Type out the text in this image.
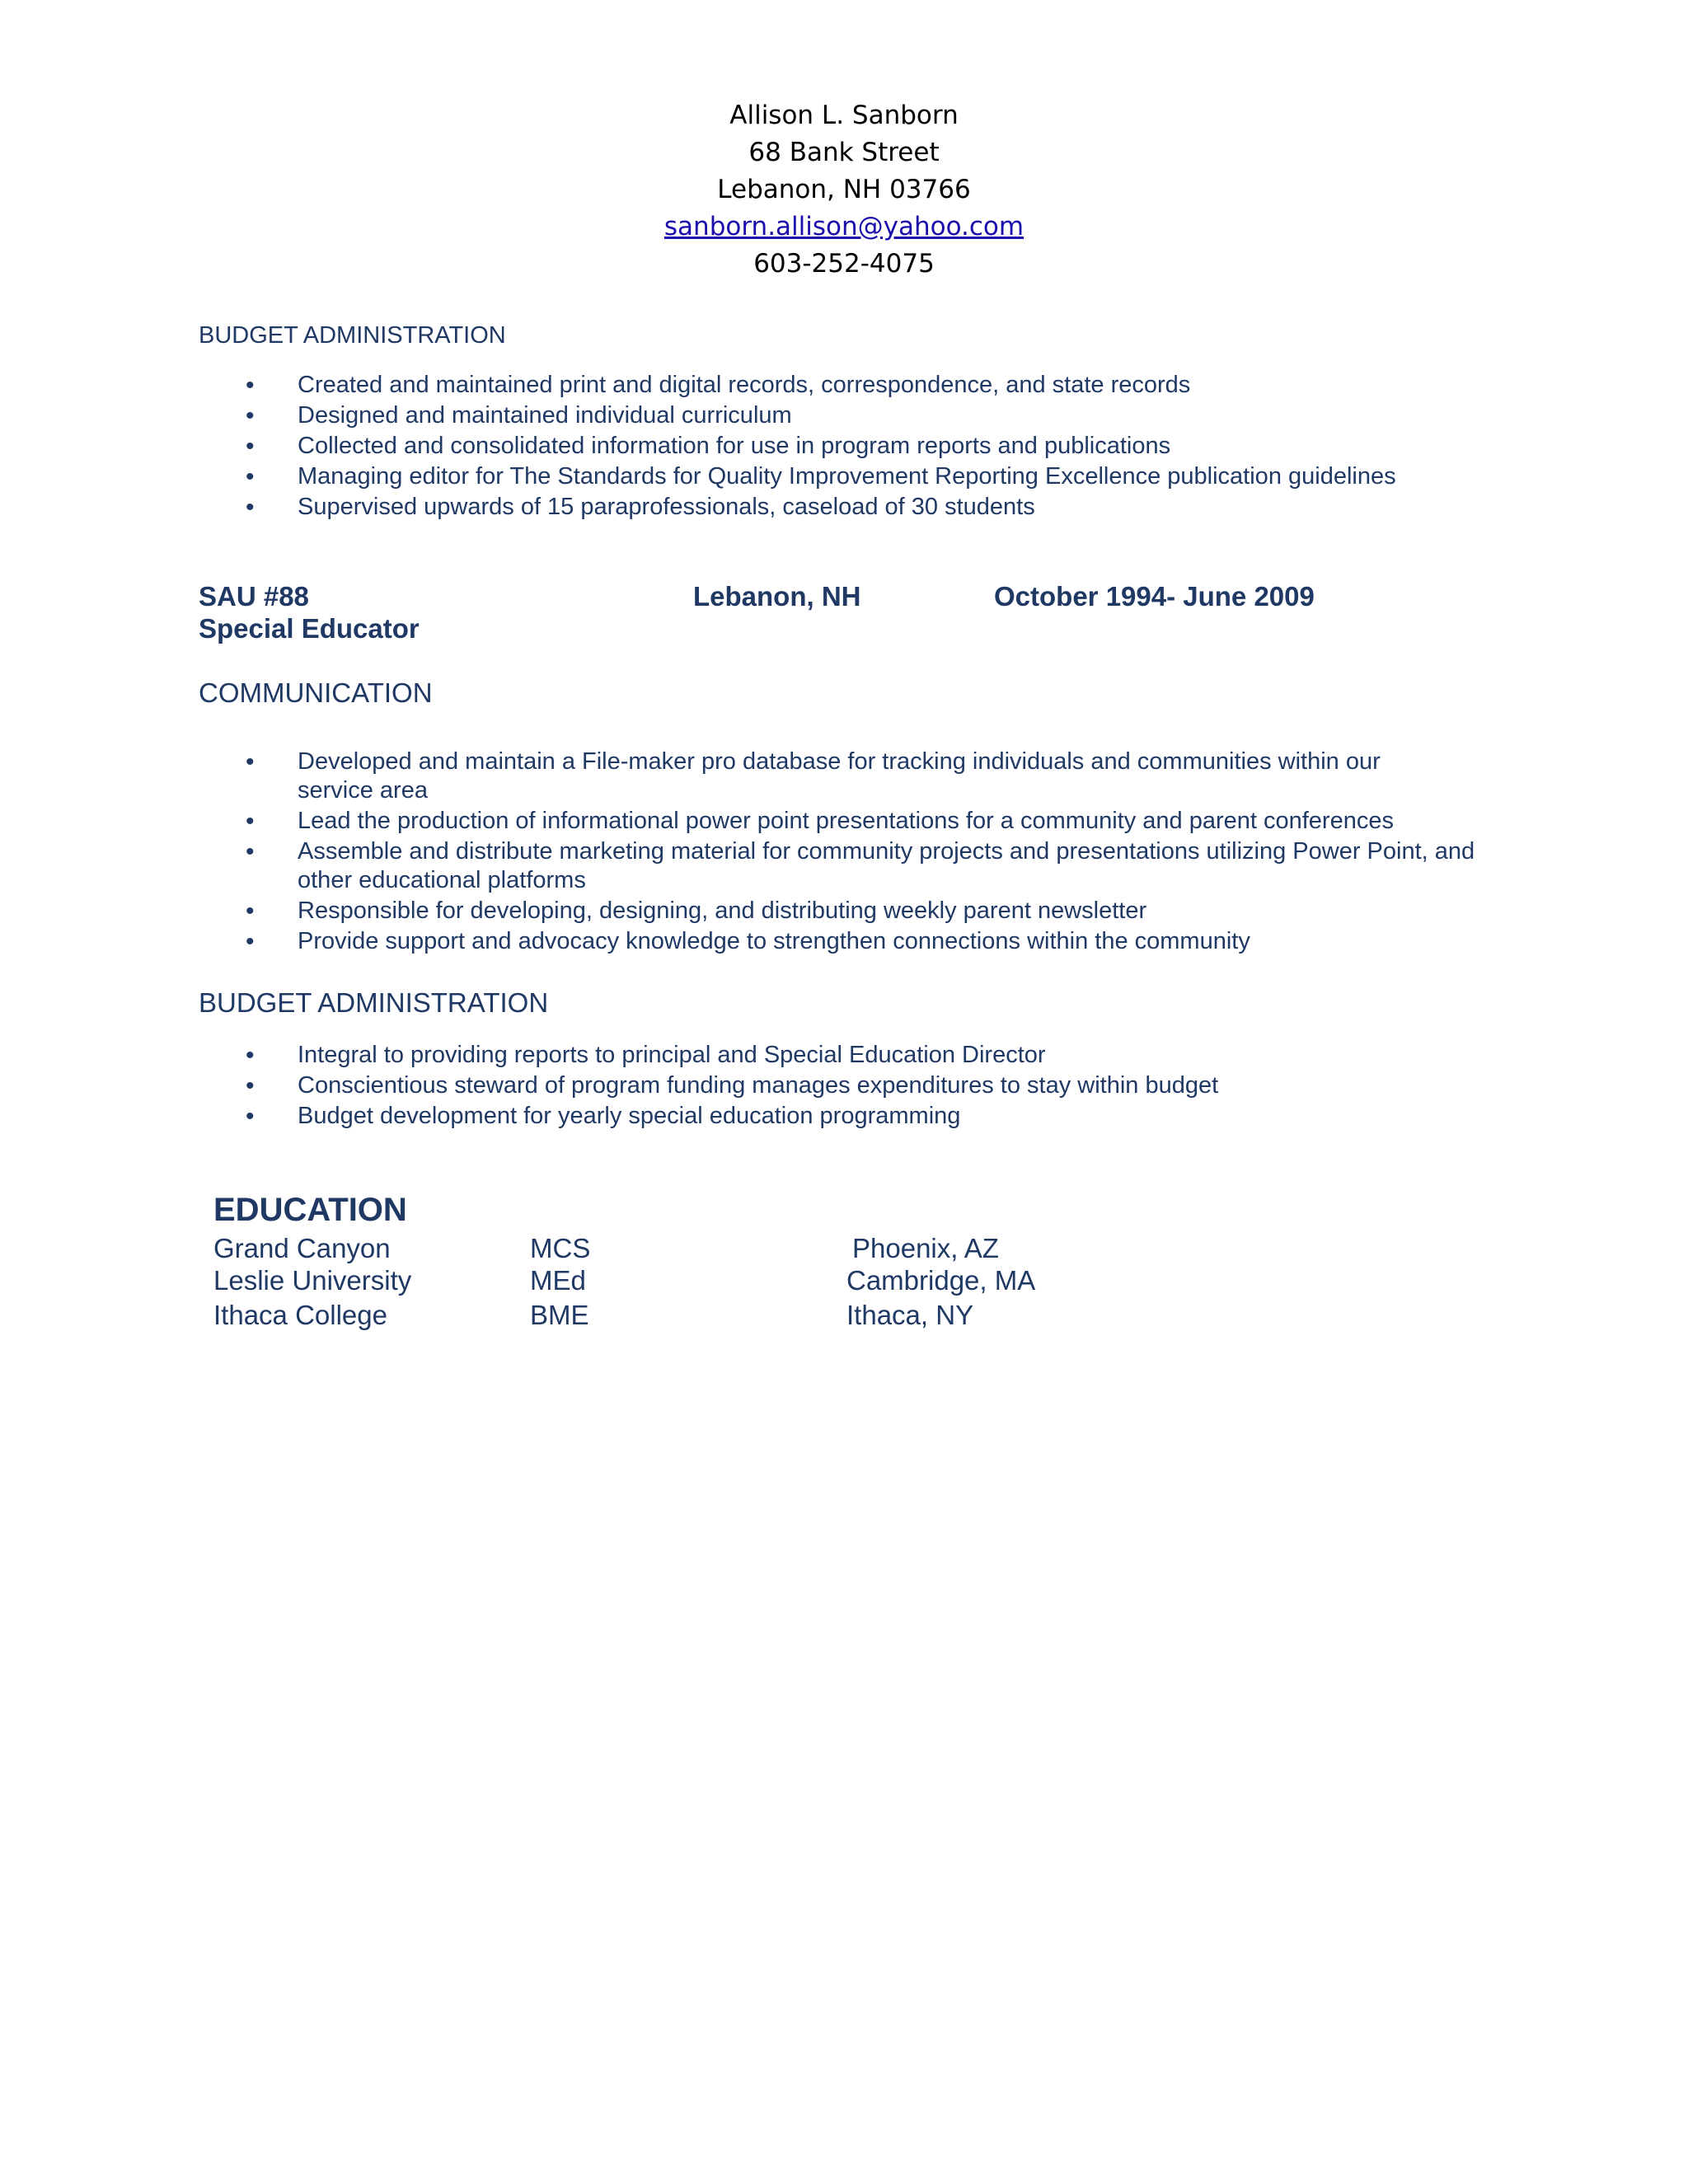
Allison L. Sanborn
68 Bank Street
Lebanon, NH 03766
sanborn.allison@yahoo.com
603-252-4075
BUDGET ADMINISTRATION
• Created and maintained print and digital records, correspondence, and state records
• Designed and maintained individual curriculum
• Collected and consolidated information for use in program reports and publications
• Managing editor for The Standards for Quality Improvement Reporting Excellence publication guidelines
• Supervised upwards of 15 paraprofessionals, caseload of 30 students
SAU #88	Lebanon, NH	October 1994- June 2009
Special Educator
COMMUNICATION
• Developed and maintain a File-maker pro database for tracking individuals and communities within our service area
• Lead the production of informational power point presentations for a community and parent conferences
• Assemble and distribute marketing material for community projects and presentations utilizing Power Point, and other educational platforms
• Responsible for developing, designing, and distributing weekly parent newsletter
• Provide support and advocacy knowledge to strengthen connections within the community
BUDGET ADMINISTRATION
• Integral to providing reports to principal and Special Education Director
• Conscientious steward of program funding manages expenditures to stay within budget
• Budget development for yearly special education programming
EDUCATION
Grand Canyon	MCS	Phoenix, AZ
Leslie University	MEd	Cambridge, MA
Ithaca College	BME	Ithaca, NY
